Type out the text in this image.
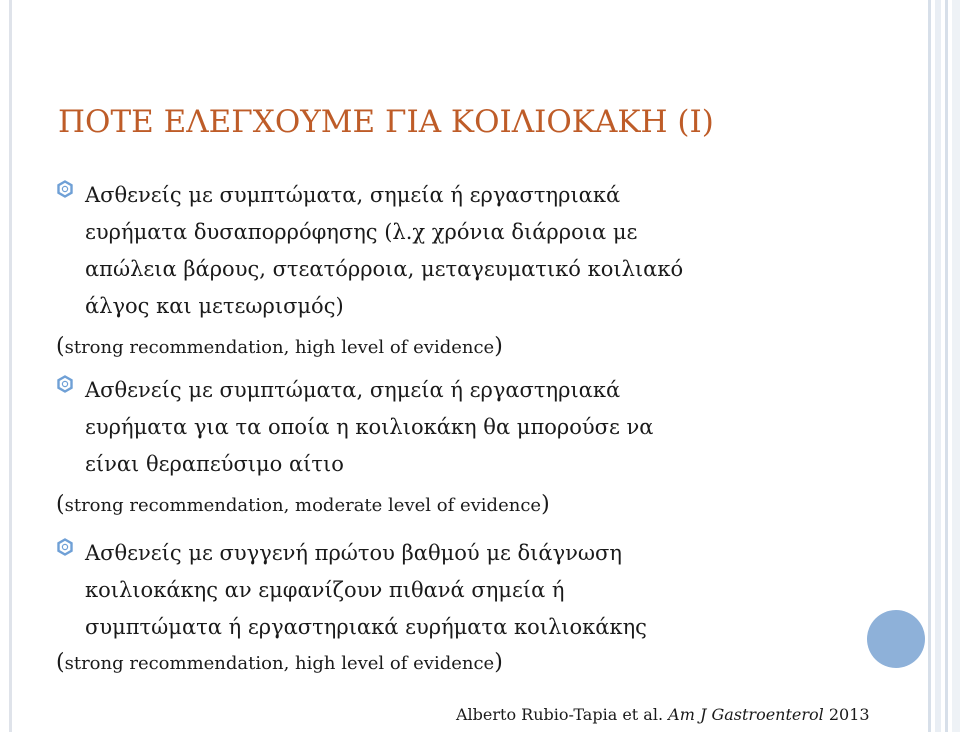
ΠΟΤΕ ΕΛΕΓΧΟΥΜΕ ΓΙΑ ΚΟΙΛΙΟΚΑΚΗ (Ι)

Ασθενείς με συμπτώματα, σημεία ή εργαστηριακά
ευρήματα δυσαπορρόφησης (λ.χ χρόνια διάρροια με
απώλεια βάρους, στεατόρροια, μεταγευματικό κοιλιακό
άλγος και μετεωρισμός)

(strong recommendation, high level of evidence)

Ασθενείς με συμπτώματα, σημεία ή εργαστηριακά
ευρήματα για τα οποία η κοιλιοκάκη θα μπορούσε να
είναι θεραπεύσιμο αίτιο

(strong recommendation, moderate level of evidence)

Ασθενείς με συγγενή πρώτου βαθμού με διάγνωση
κοιλιοκάκης αν εμφανίζουν πιθανά σημεία ή
συμπτώματα ή εργαστηριακά ευρήματα κοιλιοκάκης

(strong recommendation, high level of evidence)

Alberto Rubio-Tapia et al. Am J Gastroenterol 2013
